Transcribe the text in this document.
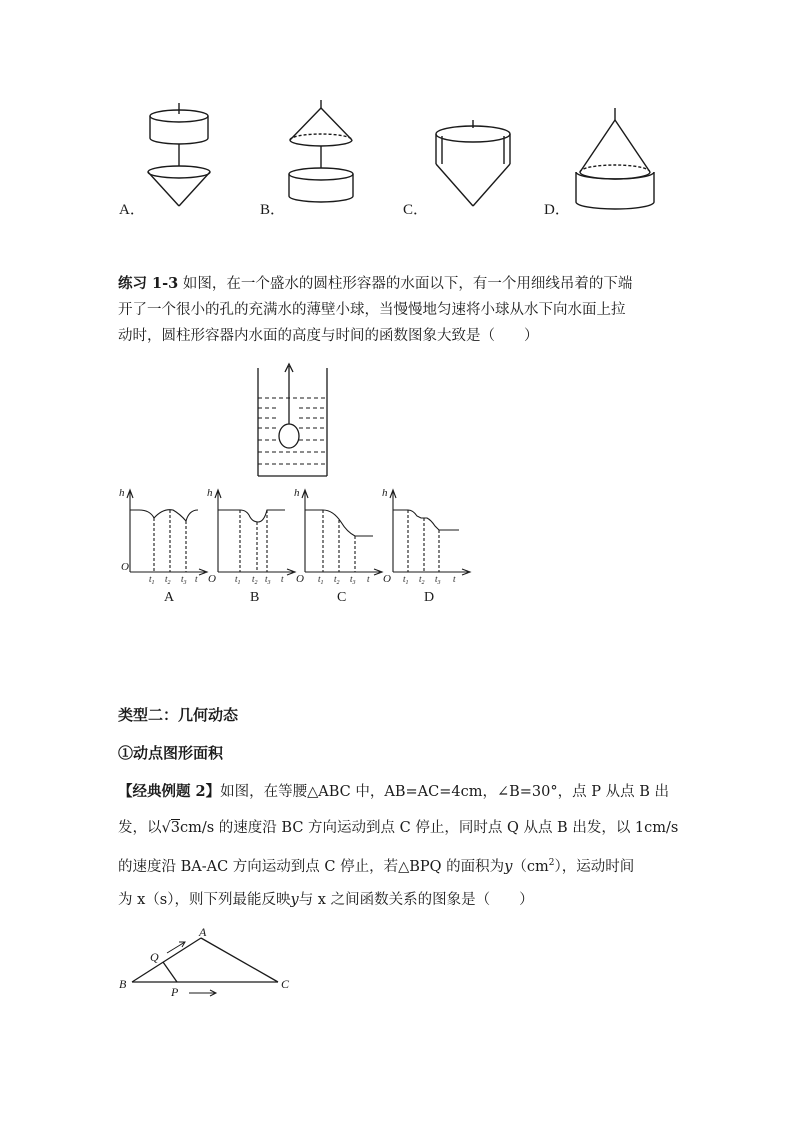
A．	B．	C．	D．
练习 1-3 如图，在一个盛水的圆柱形容器的水面以下，有一个用细线吊着的下端
开了一个很小的孔的充满水的薄壁小球，当慢慢地匀速将小球从水下向水面上拉
动时，圆柱形容器内水面的高度与时间的函数图象大致是（　　）
h	h	h	h
O
O	O	O
$t_1$ $t_2$ $t_3$ t	$t_1$ $t_2$ $t_3$ t	$t_1$ $t_2$ $t_3$ t	$t_1$ $t_2$ $t_3$ t
A	B	C	D
类型二：几何动态
①动点图形面积
【经典例题 2】如图，在等腰△ABC 中，AB=AC=4cm，∠B=30°，点 P 从点 B 出
发，以√3cm/s 的速度沿 BC 方向运动到点 C 停止，同时点 Q 从点 B 出发，以 1cm/s
的速度沿 BA-AC 方向运动到点 C 停止，若△BPQ 的面积为$y(cm^2)$，运动时间
为 x（s），则下列最能反映y与 x 之间函数关系的图象是（　　）
A
B	C
P
Q
